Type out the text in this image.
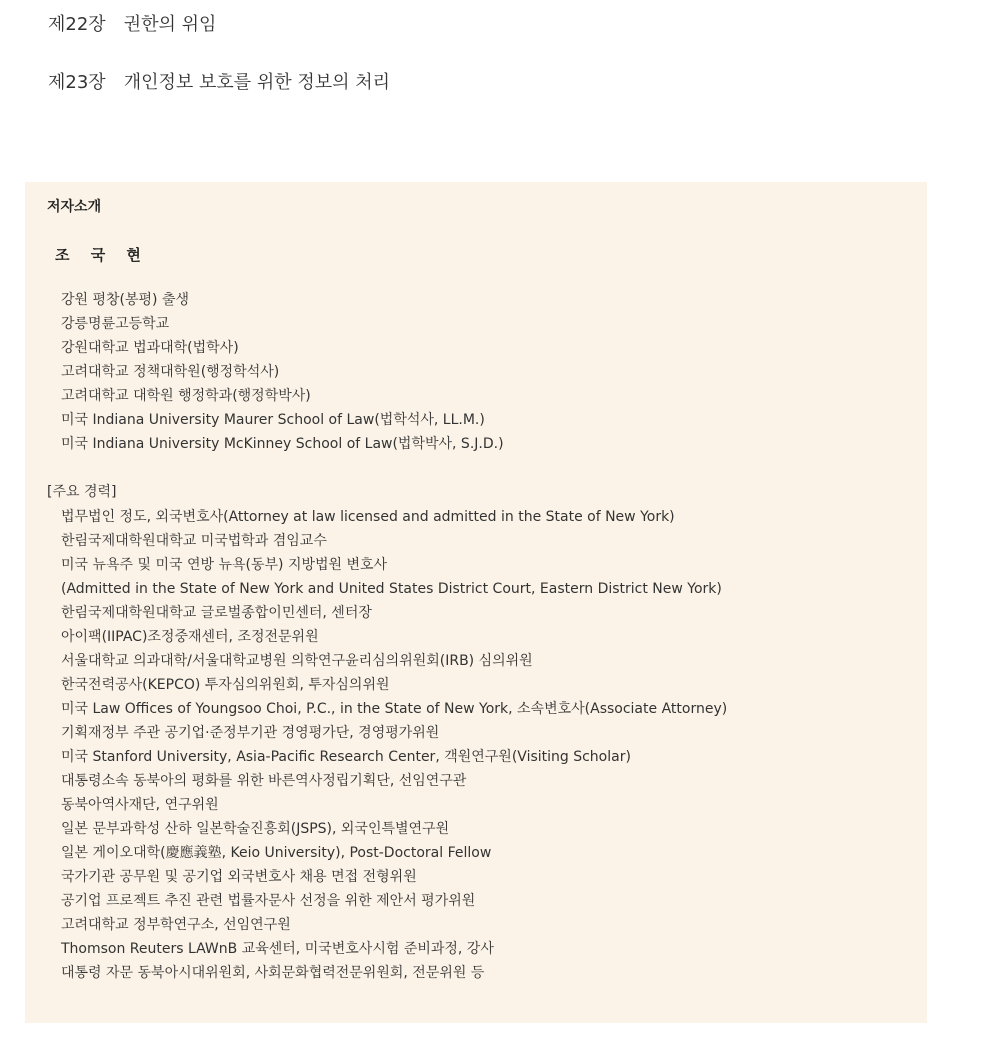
제22장 권한의 위임
제23장 개인정보 보호를 위한 정보의 처리
저자소개
조 국 현
강원 평창(봉평) 출생
강릉명륜고등학교
강원대학교 법과대학(법학사)
고려대학교 정책대학원(행정학석사)
고려대학교 대학원 행정학과(행정학박사)
미국 Indiana University Maurer School of Law(법학석사, LL.M.)
미국 Indiana University McKinney School of Law(법학박사, S.J.D.)
[주요 경력]
법무법인 정도, 외국변호사(Attorney at law licensed and admitted in the State of New York)
한림국제대학원대학교 미국법학과 겸임교수
미국 뉴욕주 및 미국 연방 뉴욕(동부) 지방법원 변호사
(Admitted in the State of New York and United States District Court, Eastern District New York)
한림국제대학원대학교 글로벌종합이민센터, 센터장
아이팩(IIPAC)조정중재센터, 조정전문위원
서울대학교 의과대학/서울대학교병원 의학연구윤리심의위원회(IRB) 심의위원
한국전력공사(KEPCO) 투자심의위원회, 투자심의위원
미국 Law Offices of Youngsoo Choi, P.C., in the State of New York, 소속변호사(Associate Attorney)
기획재정부 주관 공기업·준정부기관 경영평가단, 경영평가위원
미국 Stanford University, Asia-Pacific Research Center, 객원연구원(Visiting Scholar)
대통령소속 동북아의 평화를 위한 바른역사정립기획단, 선임연구관
동북아역사재단, 연구위원
일본 문부과학성 산하 일본학술진흥회(JSPS), 외국인특별연구원
일본 게이오대학(慶應義塾, Keio University), Post-Doctoral Fellow
국가기관 공무원 및 공기업 외국변호사 채용 면접 전형위원
공기업 프로젝트 추진 관련 법률자문사 선정을 위한 제안서 평가위원
고려대학교 정부학연구소, 선임연구원
Thomson Reuters LAWnB 교육센터, 미국변호사시험 준비과정, 강사
대통령 자문 동북아시대위원회, 사회문화협력전문위원회, 전문위원 등
